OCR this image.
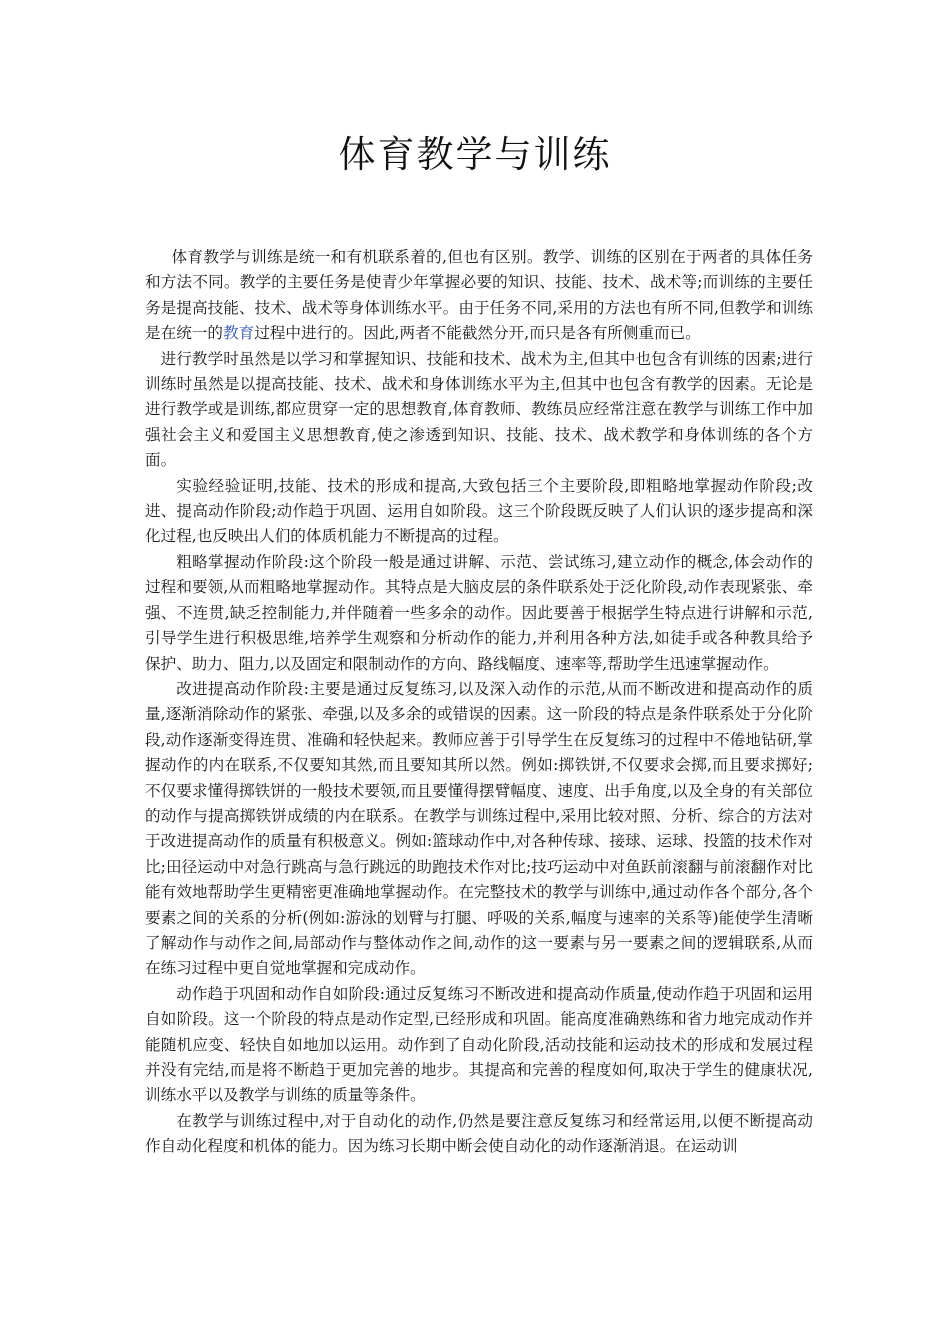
体育教学与训练

体育教学与训练是统一和有机联系着的,但也有区别。教学、训练的区别在于两者的具体任务和方法不同。教学的主要任务是使青少年掌握必要的知识、技能、技术、战术等;而训练的主要任务是提高技能、技术、战术等身体训练水平。由于任务不同,采用的方法也有所不同,但教学和训练是在统一的教育过程中进行的。因此,两者不能截然分开,而只是各有所侧重而已。

进行教学时虽然是以学习和掌握知识、技能和技术、战术为主,但其中也包含有训练的因素;进行训练时虽然是以提高技能、技术、战术和身体训练水平为主,但其中也包含有教学的因素。无论是进行教学或是训练,都应贯穿一定的思想教育,体育教师、教练员应经常注意在教学与训练工作中加强社会主义和爱国主义思想教育,使之渗透到知识、技能、技术、战术教学和身体训练的各个方面。

实验经验证明,技能、技术的形成和提高,大致包括三个主要阶段,即粗略地掌握动作阶段;改进、提高动作阶段;动作趋于巩固、运用自如阶段。这三个阶段既反映了人们认识的逐步提高和深化过程,也反映出人们的体质机能力不断提高的过程。

粗略掌握动作阶段:这个阶段一般是通过讲解、示范、尝试练习,建立动作的概念,体会动作的过程和要领,从而粗略地掌握动作。其特点是大脑皮层的条件联系处于泛化阶段,动作表现紧张、牵强、不连贯,缺乏控制能力,并伴随着一些多余的动作。因此要善于根据学生特点进行讲解和示范,引导学生进行积极思维,培养学生观察和分析动作的能力,并利用各种方法,如徒手或各种教具给予保护、助力、阻力,以及固定和限制动作的方向、路线幅度、速率等,帮助学生迅速掌握动作。

改进提高动作阶段:主要是通过反复练习,以及深入动作的示范,从而不断改进和提高动作的质量,逐渐消除动作的紧张、牵强,以及多余的或错误的因素。这一阶段的特点是条件联系处于分化阶段,动作逐渐变得连贯、准确和轻快起来。教师应善于引导学生在反复练习的过程中不倦地钻研,掌握动作的内在联系,不仅要知其然,而且要知其所以然。例如:掷铁饼,不仅要求会掷,而且要求掷好;不仅要求懂得掷铁饼的一般技术要领,而且要懂得摆臂幅度、速度、出手角度,以及全身的有关部位的动作与提高掷铁饼成绩的内在联系。在教学与训练过程中,采用比较对照、分析、综合的方法对于改进提高动作的质量有积极意义。例如:篮球动作中,对各种传球、接球、运球、投篮的技术作对比;田径运动中对急行跳高与急行跳远的助跑技术作对比;技巧运动中对鱼跃前滚翻与前滚翻作对比能有效地帮助学生更精密更准确地掌握动作。在完整技术的教学与训练中,通过动作各个部分,各个要素之间的关系的分析(例如:游泳的划臂与打腿、呼吸的关系,幅度与速率的关系等)能使学生清晰了解动作与动作之间,局部动作与整体动作之间,动作的这一要素与另一要素之间的逻辑联系,从而在练习过程中更自觉地掌握和完成动作。

动作趋于巩固和动作自如阶段:通过反复练习不断改进和提高动作质量,使动作趋于巩固和运用自如阶段。这一个阶段的特点是动作定型,已经形成和巩固。能高度准确熟练和省力地完成动作并能随机应变、轻快自如地加以运用。动作到了自动化阶段,活动技能和运动技术的形成和发展过程并没有完结,而是将不断趋于更加完善的地步。其提高和完善的程度如何,取决于学生的健康状况,训练水平以及教学与训练的质量等条件。

在教学与训练过程中,对于自动化的动作,仍然是要注意反复练习和经常运用,以便不断提高动作自动化程度和机体的能力。因为练习长期中断会使自动化的动作逐渐消退。在运动训
